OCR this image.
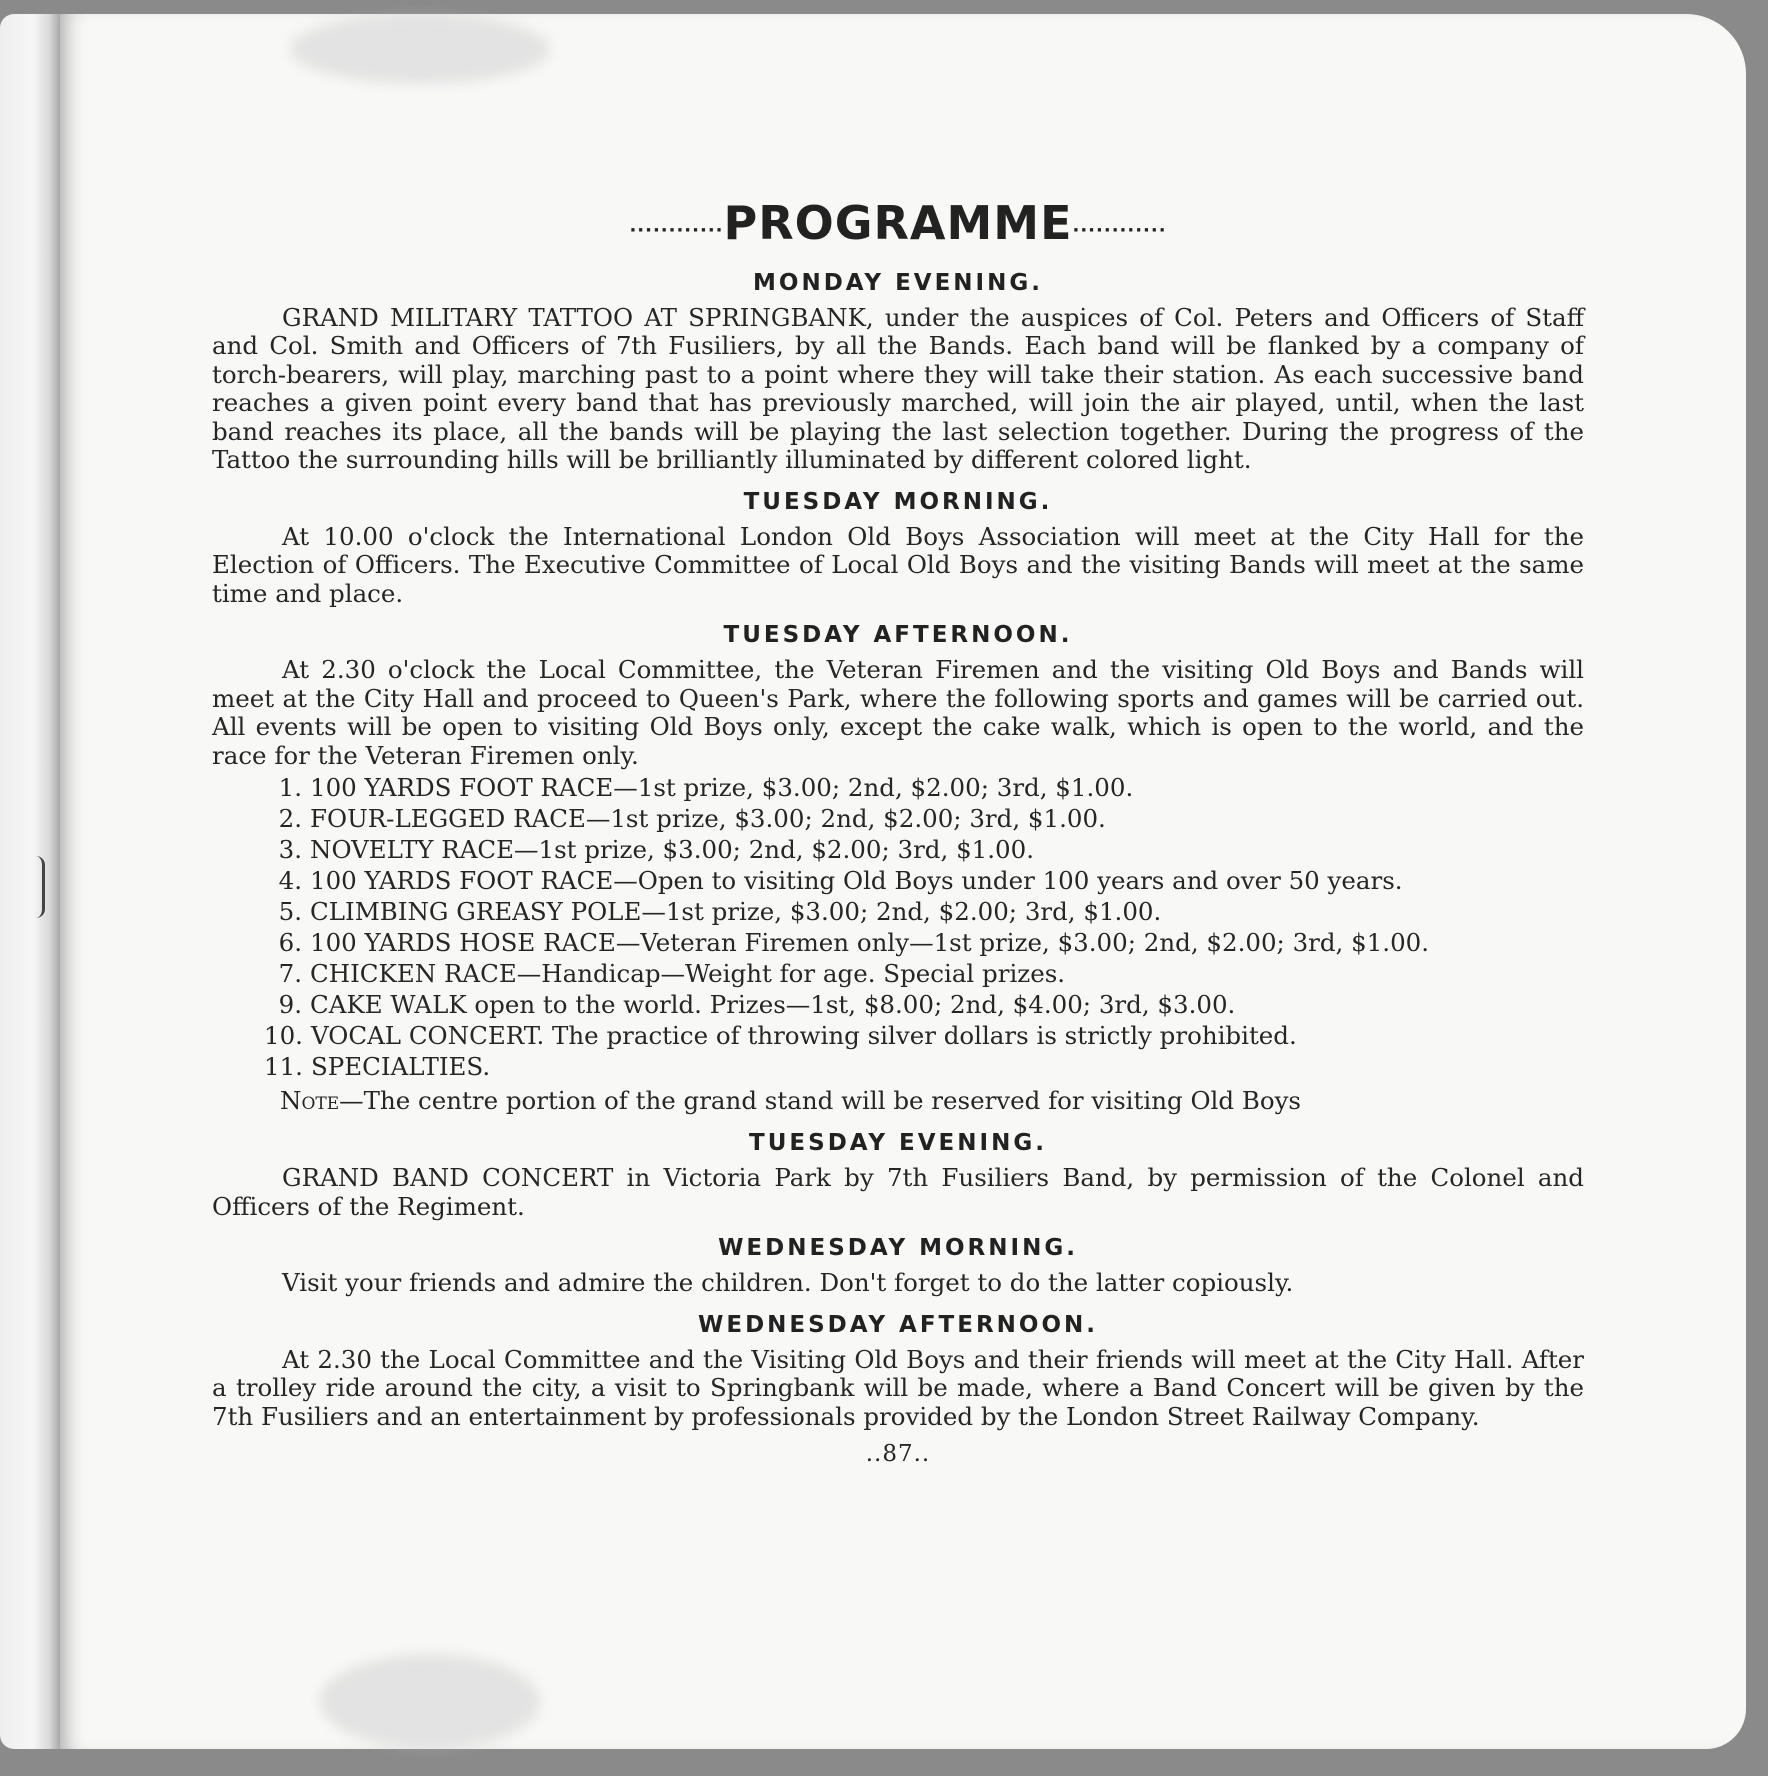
............PROGRAMME............
MONDAY EVENING.

GRAND MILITARY TATTOO AT SPRINGBANK, under the auspices of Col. Peters and Officers of Staff and Col. Smith and Officers of 7th Fusiliers, by all the Bands. Each band will be flanked by a company of torch-bearers, will play, marching past to a point where they will take their station. As each successive band reaches a given point every band that has previously marched, will join the air played, until, when the last band reaches its place, all the bands will be playing the last selection together. During the progress of the Tattoo the surrounding hills will be brilliantly illuminated by different colored light.

TUESDAY MORNING.

At 10.00 o'clock the International London Old Boys Association will meet at the City Hall for the Election of Officers. The Executive Committee of Local Old Boys and the visiting Bands will meet at the same time and place.

TUESDAY AFTERNOON.

At 2.30 o'clock the Local Committee, the Veteran Firemen and the visiting Old Boys and Bands will meet at the City Hall and proceed to Queen's Park, where the following sports and games will be carried out. All events will be open to visiting Old Boys only, except the cake walk, which is open to the world, and the race for the Veteran Firemen only.

1. 100 YARDS FOOT RACE—1st prize, $3.00; 2nd, $2.00; 3rd, $1.00.
2. FOUR-LEGGED RACE—1st prize, $3.00; 2nd, $2.00; 3rd, $1.00.
3. NOVELTY RACE—1st prize, $3.00; 2nd, $2.00; 3rd, $1.00.
4. 100 YARDS FOOT RACE—Open to visiting Old Boys under 100 years and over 50 years.
5. CLIMBING GREASY POLE—1st prize, $3.00; 2nd, $2.00; 3rd, $1.00.
6. 100 YARDS HOSE RACE—Veteran Firemen only—1st prize, $3.00; 2nd, $2.00; 3rd, $1.00.
7. CHICKEN RACE—Handicap—Weight for age. Special prizes.
9. CAKE WALK open to the world. Prizes—1st, $8.00; 2nd, $4.00; 3rd, $3.00.
10. VOCAL CONCERT. The practice of throwing silver dollars is strictly prohibited.
11. SPECIALTIES.
Note—The centre portion of the grand stand will be reserved for visiting Old Boys
TUESDAY EVENING.

GRAND BAND CONCERT in Victoria Park by 7th Fusiliers Band, by permission of the Colonel and Officers of the Regiment.

WEDNESDAY MORNING.

Visit your friends and admire the children. Don't forget to do the latter copiously.

WEDNESDAY AFTERNOON.

At 2.30 the Local Committee and the Visiting Old Boys and their friends will meet at the City Hall. After a trolley ride around the city, a visit to Springbank will be made, where a Band Concert will be given by the 7th Fusiliers and an entertainment by professionals provided by the London Street Railway Company.

..87..
